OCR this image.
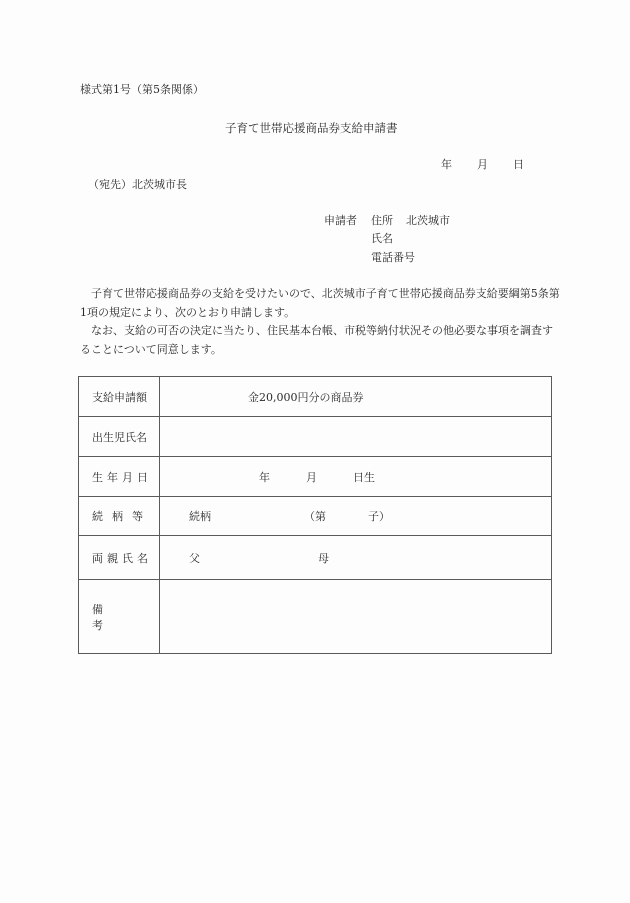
様式第1号（第5条関係）
子育て世帯応援商品券支給申請書
年 月 日
（宛先）北茨城市長
申請者 住所 北茨城市
氏名
電話番号

子育て世帯応援商品券の支給を受けたいので、北茨城市子育て世帯応援商品券支給要綱第5条第1項の規定により、次のとおり申請します。

なお、支給の可否の決定に当たり、住民基本台帳、市税等納付状況その他必要な事項を調査することについて同意します。

支給申請額	金20,000円分の商品券

出生児氏名	
生年月日	年 月 日生

続柄等	続柄 （第 子）

両親氏名	父 母

備考	
